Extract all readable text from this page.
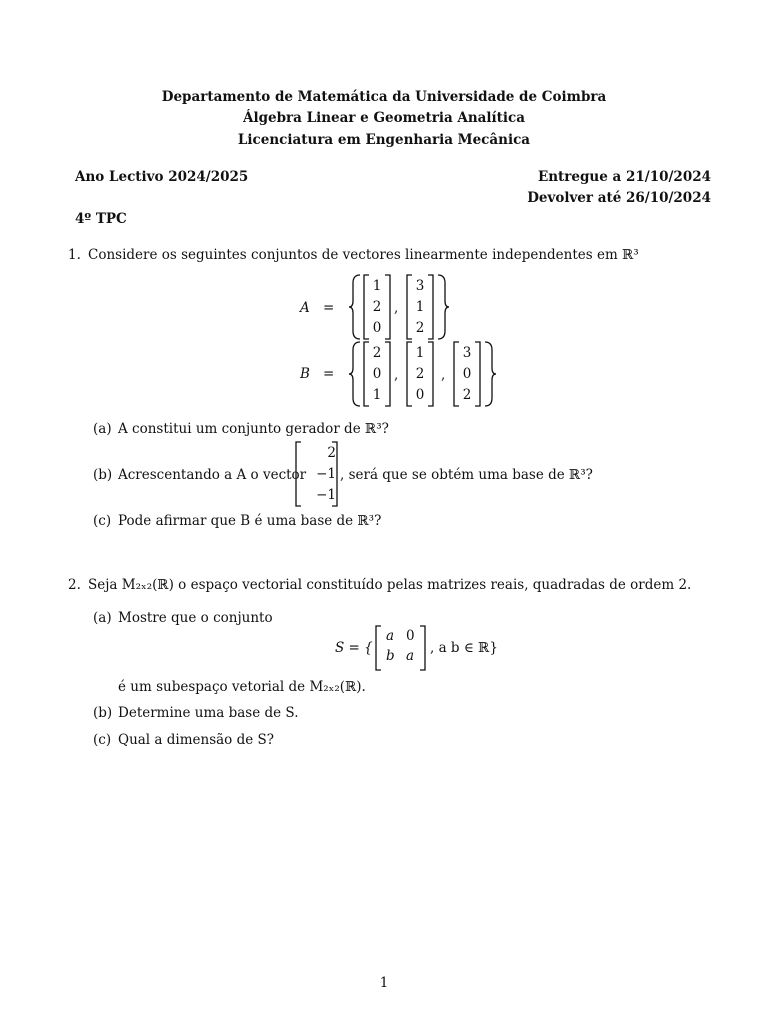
Departamento de Matemática da Universidade de Coimbra
Álgebra Linear e Geometria Analítica
Licenciatura em Engenharia Mecânica
Ano Lectivo 2024/2025	Entregue a 21/10/2024
Devolver até 26/10/2024
4º TPC
1. Considere os seguintes conjuntos de vectores linearmente independentes em ℝ³
A =
1
2
0
,
3
1
2
B =
2
0
1
,
1
2
0
,
3
0
2
(a) A constitui um conjunto gerador de ℝ³?
(b) Acrescentando a A o vector
2
−1
−1
, será que se obtém uma base de ℝ³?
(c) Pode afirmar que B é uma base de ℝ³?
2. Seja M₂ₓ₂(ℝ) o espaço vectorial constituído pelas matrizes reais, quadradas de ordem 2.
(a) Mostre que o conjunto
S = {
a 0
b a , a b ∈ ℝ}
é um subespaço vetorial de M₂ₓ₂(ℝ).
(b) Determine uma base de S.
(c) Qual a dimensão de S?
1
